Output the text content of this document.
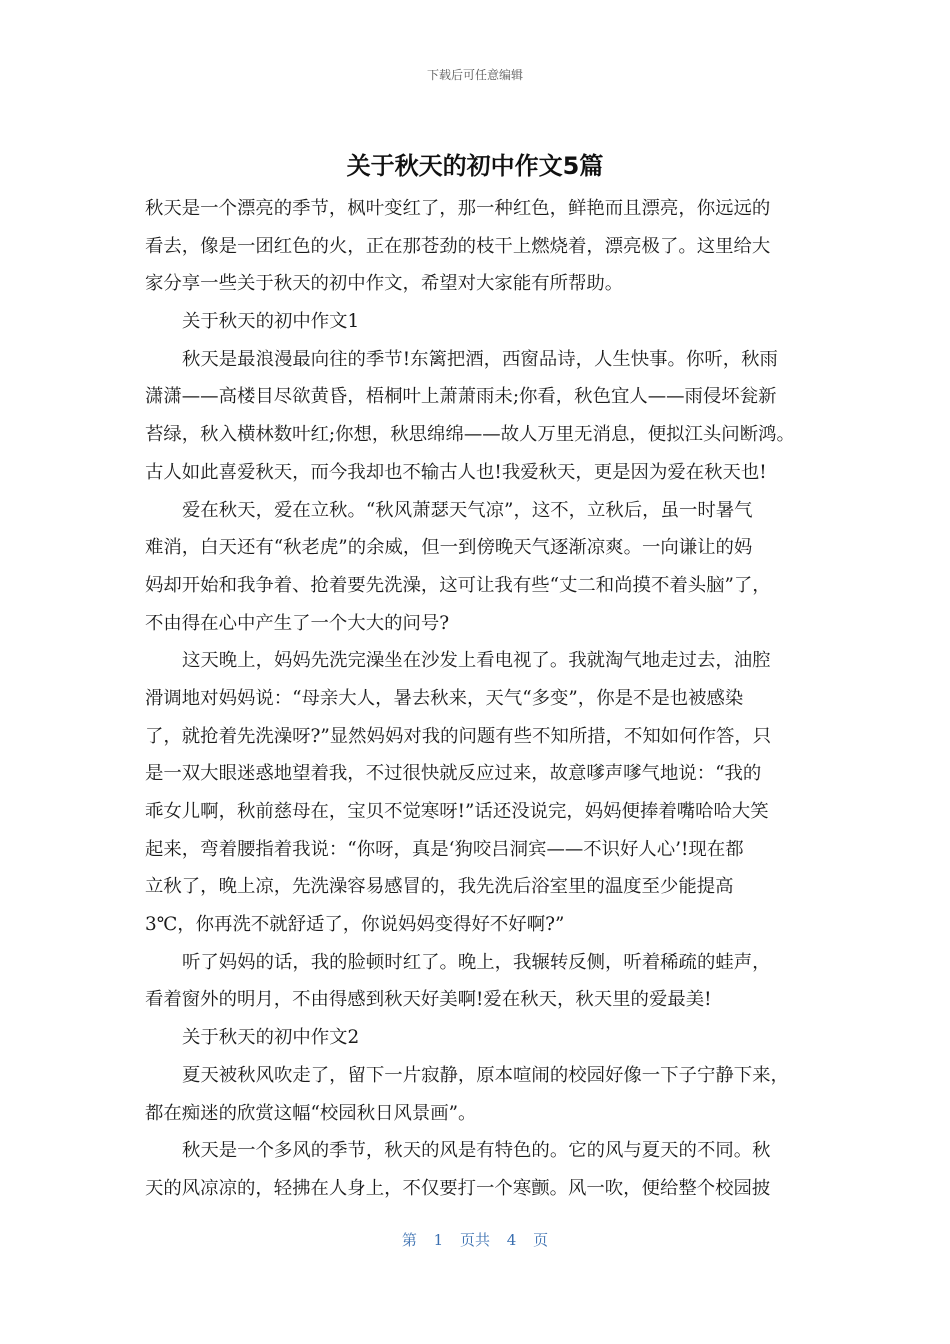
下载后可任意编辑
关于秋天的初中作文5篇
秋天是一个漂亮的季节，枫叶变红了，那一种红色，鲜艳而且漂亮，你远远的
看去，像是一团红色的火，正在那苍劲的枝干上燃烧着，漂亮极了。这里给大
家分享一些关于秋天的初中作文，希望对大家能有所帮助。
关于秋天的初中作文1
秋天是最浪漫最向往的季节!东篱把酒，西窗品诗，人生快事。你听，秋雨
潇潇——高楼目尽欲黄昏，梧桐叶上萧萧雨未;你看，秋色宜人——雨侵坏瓮新
苔绿，秋入横林数叶红;你想，秋思绵绵——故人万里无消息，便拟江头问断鸿。
古人如此喜爱秋天，而今我却也不输古人也!我爱秋天，更是因为爱在秋天也!
爱在秋天，爱在立秋。“秋风萧瑟天气凉”，这不，立秋后，虽一时暑气
难消，白天还有“秋老虎”的余威，但一到傍晚天气逐渐凉爽。一向谦让的妈
妈却开始和我争着、抢着要先洗澡，这可让我有些“丈二和尚摸不着头脑”了，
不由得在心中产生了一个大大的问号?
这天晚上，妈妈先洗完澡坐在沙发上看电视了。我就淘气地走过去，油腔
滑调地对妈妈说：“母亲大人，暑去秋来，天气“多变”，你是不是也被感染
了，就抢着先洗澡呀?”显然妈妈对我的问题有些不知所措，不知如何作答，只
是一双大眼迷惑地望着我，不过很快就反应过来，故意嗲声嗲气地说：“我的
乖女儿啊，秋前慈母在，宝贝不觉寒呀!”话还没说完，妈妈便捧着嘴哈哈大笑
起来，弯着腰指着我说：“你呀，真是‘狗咬吕洞宾——不识好人心’!现在都
立秋了，晚上凉，先洗澡容易感冒的，我先洗后浴室里的温度至少能提高
3℃，你再洗不就舒适了，你说妈妈变得好不好啊?”
听了妈妈的话，我的脸顿时红了。晚上，我辗转反侧，听着稀疏的蛙声，
看着窗外的明月，不由得感到秋天好美啊!爱在秋天，秋天里的爱最美!
关于秋天的初中作文2
夏天被秋风吹走了，留下一片寂静，原本喧闹的校园好像一下子宁静下来，
都在痴迷的欣赏这幅“校园秋日风景画”。
秋天是一个多风的季节，秋天的风是有特色的。它的风与夏天的不同。秋
天的风凉凉的，轻拂在人身上，不仅要打一个寒颤。风一吹，便给整个校园披
第 1 页共 4 页
